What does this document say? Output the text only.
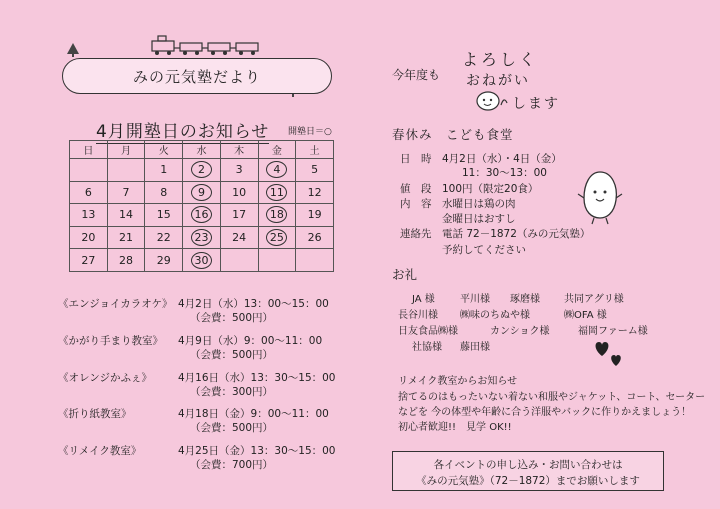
みの元気塾だより
4月開塾日のお知らせ 開塾日＝○
日	月	火	水	木	金	土
		1	2	3	4	5
6	7	8	9	10	11	12
13	14	15	16	17	18	19
20	21	22	23	24	25	26
27	28	29	30			
《エンジョイカラオケ》 4月2日（水）13：00～15：00
（会費：500円）
《かがり手まり教室》 4月9日（水）9：00～11：00
（会費：500円）
《オレンジかふぇ》 4月16日（水）13：30～15：00
（会費：300円）
《折り紙教室》	4月18日（金）9：00～11：00
（会費：500円）
《リメイク教室》	4月25日（金）13：30～15：00
（会費：700円）
今年度も
よろしく
おねがい
します
春休み　こども食堂
日　時 4月2日（水）・4日（金）
11：30～13：00
値　段 100円（限定20食）
内　容 水曜日は鶏の肉
金曜日はおすし
連絡先 電話 72－1872（みの元気塾）
予約してください
お礼
JA 様	平川様 琢磨様 共同アグリ様
長谷川様 ㈱味のちぬや様	㈱OFA 様
日友食品㈱様	カンショク様	福岡ファーム様
社協様 藤田様
リメイク教室からお知らせ
捨てるのはもったいない着ない和服やジャケット、コート、セーター
などを 今の体型や年齢に合う洋服やバックに作りかえましょう！
初心者歓迎!!　見学 OK!!
各イベントの申し込み・お問い合わせは
《みの元気塾》（72－1872）までお願いします
